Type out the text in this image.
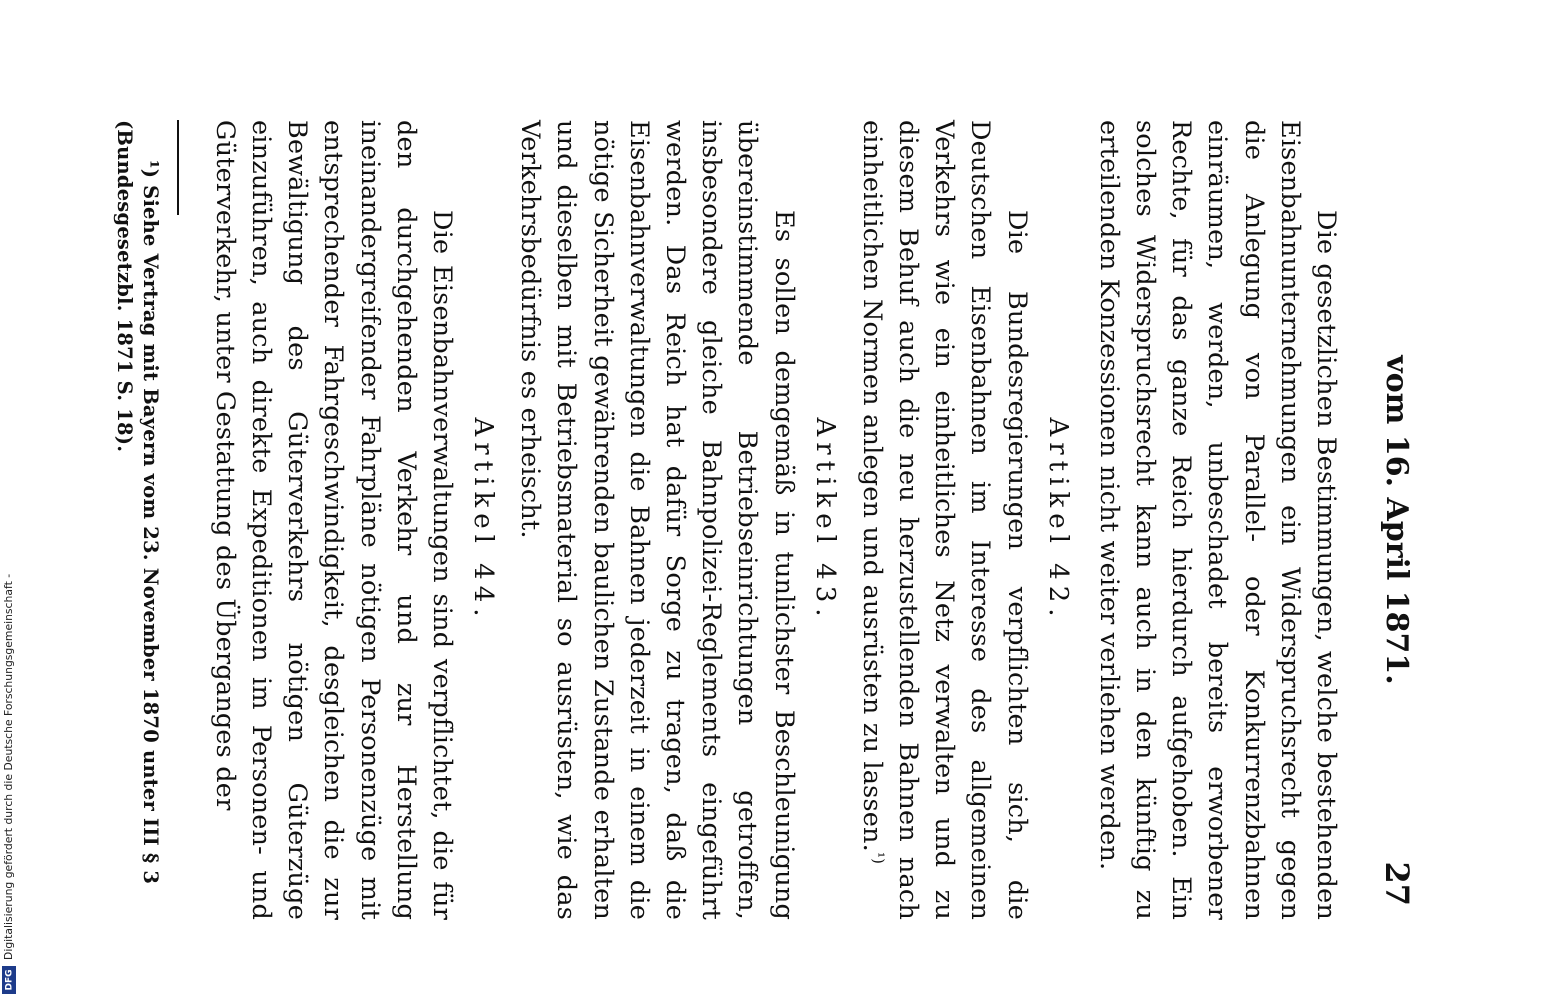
vom 16. April 1871.
27

Die gesetzlichen Bestimmungen, welche bestehenden Eisenbahnunternehmungen ein Widerspruchsrecht gegen die Anlegung von Parallel- oder Konkurrenzbahnen einräumen, werden, unbeschadet bereits erworbener Rechte, für das ganze Reich hierdurch aufgehoben. Ein solches Widerspruchsrecht kann auch in den künftig zu erteilenden Konzessionen nicht weiter verliehen werden.

Artikel 42.

Die Bundesregierungen verpflichten sich, die Deutschen Eisenbahnen im Interesse des allgemeinen Verkehrs wie ein einheitliches Netz verwalten und zu diesem Behuf auch die neu herzustellenden Bahnen nach einheitlichen Normen anlegen und ausrüsten zu lassen.$^{^1)}$

Artikel 43.

Es sollen demgemäß in tunlichster Beschleunigung übereinstimmende Betriebseinrichtungen getroffen, insbesondere gleiche Bahnpolizei-Reglements eingeführt werden. Das Reich hat dafür Sorge zu tragen, daß die Eisenbahnverwaltungen die Bahnen jederzeit in einem die nötige Sicherheit gewährenden baulichen Zustande erhalten und dieselben mit Betriebsmaterial so ausrüsten, wie das Verkehrsbedürfnis es erheischt.

Artikel 44.

Die Eisenbahnverwaltungen sind verpflichtet, die für den durchgehenden Verkehr und zur Herstellung ineinandergreifender Fahrpläne nötigen Personenzüge mit entsprechender Fahrgeschwindigkeit, desgleichen die zur Bewältigung des Güterverkehrs nötigen Güterzüge einzuführen, auch direkte Expeditionen im Personen- und Güterverkehr, unter Gestattung des Überganges der

¹) Siehe Vertrag mit Bayern vom 23. November 1870 unter III § 3 (Bundesgesetzbl. 1871 S. 18).

Digitalisierung gefördert durch die Deutsche Forschungsgemeinschaft -
DFG
